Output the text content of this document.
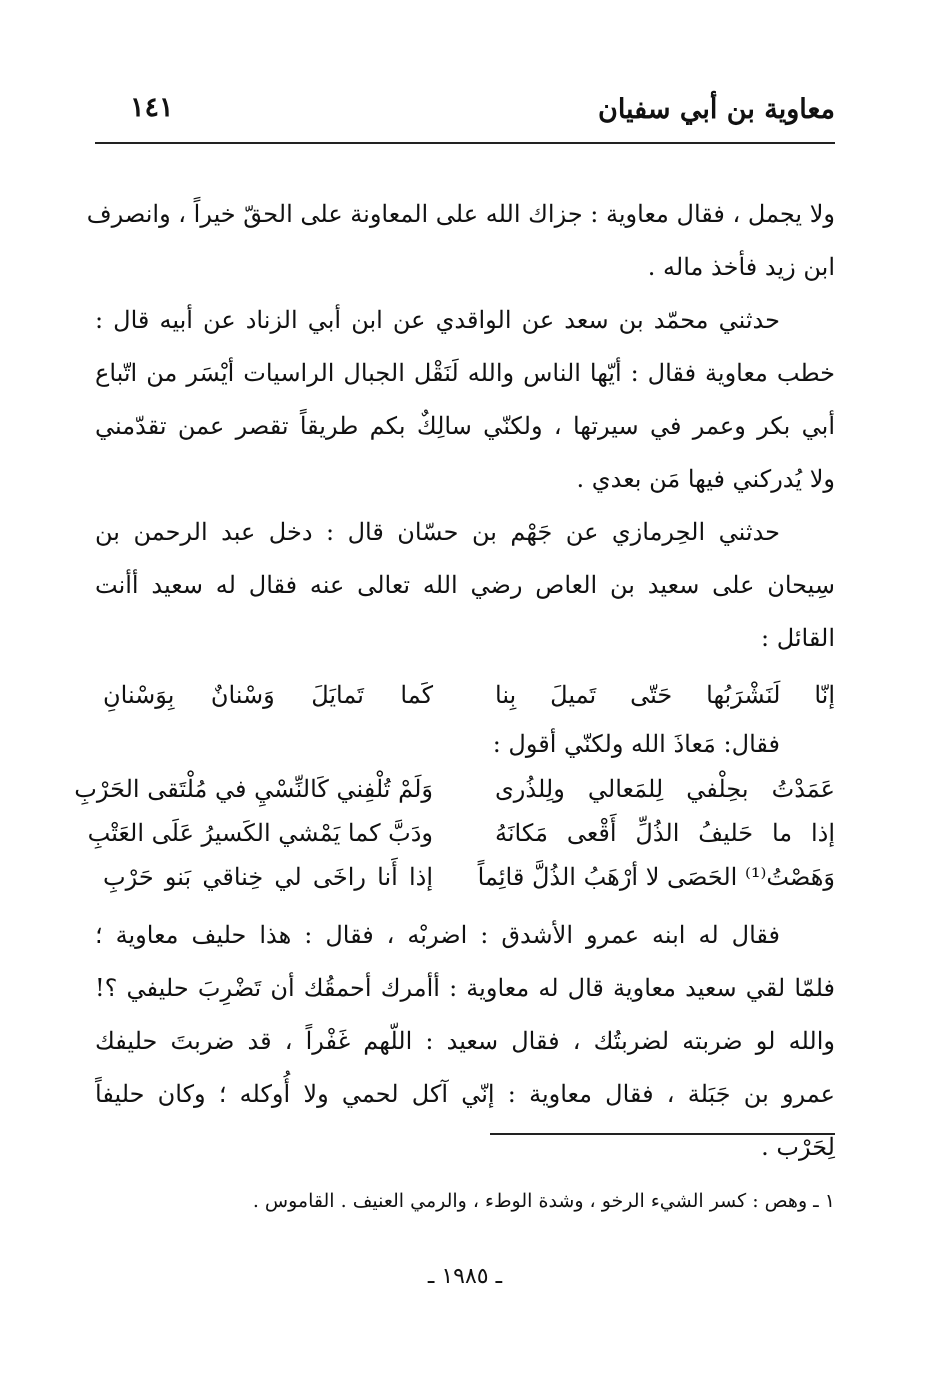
معاوية بن أبي سفيان
١٤١
ولا يجمل ، فقال معاوية : جزاك الله على المعاونة على الحقّ خيراً ، وانصرف
ابن زيد فأخذ ماله .
حدثني محمّد بن سعد عن الواقدي عن ابن أبي الزناد عن أبيه قال :
خطب معاوية فقال : أيّها الناس والله لَنَقْل الجبال الراسيات أيْسَر من اتّباع
أبي بكر وعمر في سيرتها ، ولكنّي سالِكٌ بكم طريقاً تقصر عمن تقدّمني
ولا يُدركني فيها مَن بعدي .
حدثني الحِرمازي عن جَهْم بن حسّان قال : دخل عبد الرحمن بن
سِيحان على سعيد بن العاص رضي الله تعالى عنه فقال له سعيد أأنت
القائل :
إنّا لَنَشْرَبُها حَتّى تَميلَ بِنا
كَما تَمايَلَ وَسْنانٌ بِوَسْنانِ
فقال: مَعاذَ الله ولكنّي أقول :
عَمَدْتُ بحِلْفي لِلمَعالي ولِلذُرى
وَلَمْ تُلْفِني كَالنِّسْيِ في مُلْتَقى الحَرْبِ
إذا ما حَليفُ الذُلِّ أَقْعى مَكانَهُ
ودَبَّ كما يَمْشي الكَسيرُ عَلَى العَتْبِ
وَهَصْتُ⁽¹⁾ الحَصَى لا أرْهَبُ الذُلَّ قائِماً
إذا أَنا راخَى لي خِناقي بَنو حَرْبِ
فقال له ابنه عمرو الأشدق : اضربْه ، فقال : هذا حليف معاوية ؛
فلمّا لقي سعيد معاوية قال له معاوية : أأمرك أحمقُك أن تَضْرِبَ حليفي ؟!
والله لو ضربته لضربتُك ، فقال سعيد : اللّهم غَفْراً ، قد ضربتَ حليفك
عمرو بن جَبَلة ، فقال معاوية : إنّي آكل لحمي ولا أُوكله ؛ وكان حليفاً
لِحَرْب .
١ ـ وهص : كسر الشيء الرخو ، وشدة الوطء ، والرمي العنيف . القاموس .
ـ ١٩٨٥ ـ
